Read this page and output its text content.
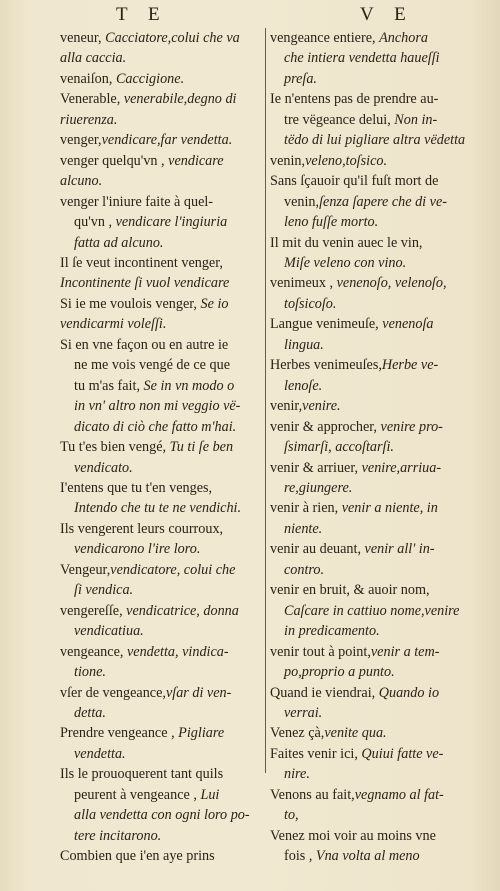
T E	V E

veneur, Cacciatore,colui che va

alla caccia.

venaiſon, Caccigione.

Venerable, venerabile,degno di

riuerenza.

venger,vendicare,far vendetta.

venger quelqu'vn , vendicare

alcuno.

venger l'iniure faite à quel-

qu'vn , vendicare l'ingiuria

fatta ad alcuno.

Il ſe veut incontinent venger,

Incontinente ſi vuol vendicare

Si ie me voulois venger, Se io

vendicarmi voleſſi.

Si en vne façon ou en autre ie

ne me vois vengé de ce que

tu m'as fait, Se in vn modo o

in vn' altro non mi veggio vë-

dicato di ciò che fatto m'hai.

Tu t'es bien vengé, Tu ti ſe ben

vendicato.

I'entens que tu t'en venges,

Intendo che tu te ne vendichi.

Ils vengerent leurs courroux,

vendicarono l'ire loro.

Vengeur,vendicatore, colui che

ſi vendica.

vengereſſe, vendicatrice, donna

vendicatiua.

vengeance, vendetta, vindica-

tione.

vſer de vengeance,vſar di ven-

detta.

Prendre vengeance , Pigliare

vendetta.

Ils le prouoquerent tant quils

peurent à vengeance , Lui

alla vendetta con ogni loro po-

tere incitarono.

Combien que i'en aye prins

vengeance entiere, Anchora

che intiera vendetta haueſſi

preſa.

Ie n'entens pas de prendre au-

tre vëgeance delui, Non in-

tëdo di lui pigliare altra vëdetta

venin,veleno,toſsico.

Sans ſçauoir qu'il fuſt mort de

venin,ſenza ſapere che di ve-

leno fuſſe morto.

Il mit du venin auec le vin,

Miſe veleno con vino.

venimeux , venenoſo, velenoſo,

toſsicoſo.

Langue venimeuſe, venenoſa

lingua.

Herbes venimeuſes,Herbe ve-

lenoſe.

venir,venire.

venir & approcher, venire pro-

ſsimarſi, accoſtarſi.

venir & arriuer, venire,arriua-

re,giungere.

venir à rien, venir a niente, in

niente.

venir au deuant, venir all' in-

contro.

venir en bruit, & auoir nom,

Caſcare in cattiuo nome,venire

in predicamento.

venir tout à point,venir a tem-

po,proprio a punto.

Quand ie viendrai, Quando io

verrai.

Venez çà,venite qua.

Faites venir ici, Quiui fatte ve-

nire.

Venons au fait,vegnamo al fat-

to,

Venez moi voir au moins vne

fois , Vna volta al meno
